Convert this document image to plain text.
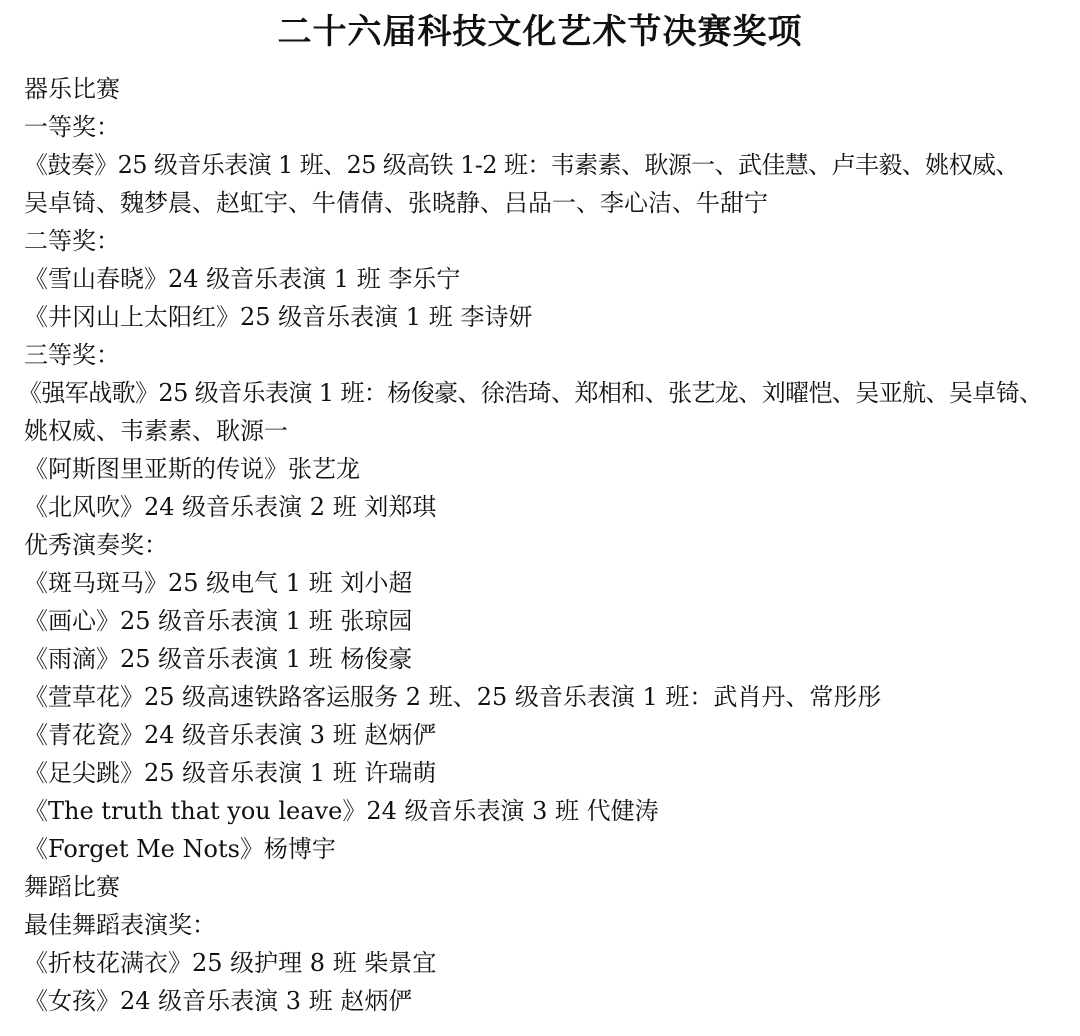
二十六届科技文化艺术节决赛奖项
器乐比赛
一等奖：
《鼓奏》25 级音乐表演 1 班、25 级高铁 1-2 班：韦素素、耿源一、武佳慧、卢丰毅、姚权威、
吴卓锜、魏梦晨、赵虹宇、牛倩倩、张晓静、吕品一、李心洁、牛甜宁
二等奖：
《雪山春晓》24 级音乐表演 1 班 李乐宁
《井冈山上太阳红》25 级音乐表演 1 班 李诗妍
三等奖：
《强军战歌》25 级音乐表演 1 班：杨俊豪、徐浩琦、郑相和、张艺龙、刘曜恺、吴亚航、吴卓锜、
姚权威、韦素素、耿源一
《阿斯图里亚斯的传说》张艺龙
《北风吹》24 级音乐表演 2 班 刘郑琪
优秀演奏奖：
《斑马斑马》25 级电气 1 班 刘小超
《画心》25 级音乐表演 1 班 张琼园
《雨滴》25 级音乐表演 1 班 杨俊豪
《萱草花》25 级高速铁路客运服务 2 班、25 级音乐表演 1 班：武肖丹、常彤彤
《青花瓷》24 级音乐表演 3 班 赵炳俨
《足尖跳》25 级音乐表演 1 班 许瑞萌
《The truth that you leave》24 级音乐表演 3 班 代健涛
《Forget Me Nots》杨博宇
舞蹈比赛
最佳舞蹈表演奖：
《折枝花满衣》25 级护理 8 班 柴景宜
《女孩》24 级音乐表演 3 班 赵炳俨
